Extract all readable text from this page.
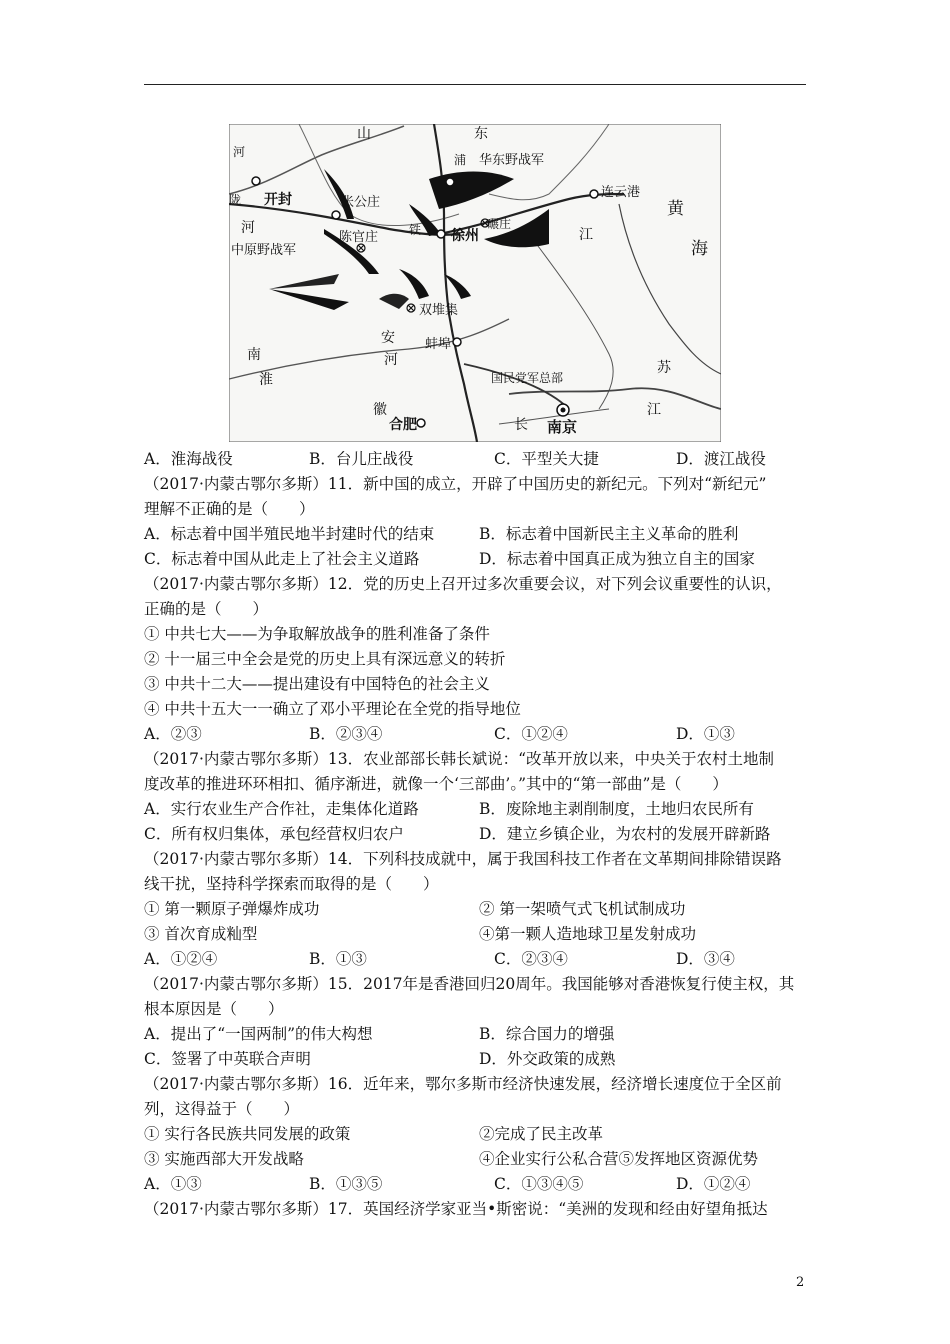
山	东
河
开封
陇
河
中原野战军
张公庄
陈官庄	铁
华东野战军
浦
徐州
连云港
黄
海
江
碾庄
双堆集
蚌埠
安
河
南
淮
苏
国民党军总部
徽
合肥	长 南京
江
A．淮海战役	B．台儿庄战役	C．平型关大捷	D．渡江战役
（2017·内蒙古鄂尔多斯）11．新中国的成立，开辟了中国历史的新纪元。下列对“新纪元”
理解不正确的是（　　）
A．标志着中国半殖民地半封建时代的结束	B．标志着中国新民主主义革命的胜利
C．标志着中国从此走上了社会主义道路	D．标志着中国真正成为独立自主的国家
（2017·内蒙古鄂尔多斯）12．党的历史上召开过多次重要会议，对下列会议重要性的认识，
正确的是（　　）
① 中共七大——为争取解放战争的胜利准备了条件
② 十一届三中全会是党的历史上具有深远意义的转折
③ 中共十二大——提出建设有中国特色的社会主义
④ 中共十五大一一确立了邓小平理论在全党的指导地位
A．②③	B．②③④	C．①②④	D．①③
（2017·内蒙古鄂尔多斯）13．农业部部长韩长斌说：“改革开放以来，中央关于农村土地制
度改革的推进环环相扣、循序渐进，就像一个‘三部曲’。”其中的“第一部曲”是（　　）
A．实行农业生产合作社，走集体化道路	B．废除地主剥削制度，土地归农民所有
C．所有权归集体，承包经营权归农户	D．建立乡镇企业，为农村的发展开辟新路
（2017·内蒙古鄂尔多斯）14．下列科技成就中，属于我国科技工作者在文革期间排除错误路
线干扰，坚持科学探索而取得的是（　　）
① 第一颗原子弹爆炸成功	② 第一架喷气式飞机试制成功
③ 首次育成籼型	④第一颗人造地球卫星发射成功
A．①②④	B．①③	C．②③④	D．③④
（2017·内蒙古鄂尔多斯）15．2017年是香港回归20周年。我国能够对香港恢复行使主权，其
根本原因是（　　）
A．提出了“一国两制”的伟大构想	B．综合国力的增强
C．签署了中英联合声明	D．外交政策的成熟
（2017·内蒙古鄂尔多斯）16．近年来，鄂尔多斯市经济快速发展，经济增长速度位于全区前
列，这得益于（　　）
① 实行各民族共同发展的政策	②完成了民主改革
③ 实施西部大开发战略	④企业实行公私合营⑤发挥地区资源优势
A．①③	B．①③⑤	C．①③④⑤	D．①②④
（2017·内蒙古鄂尔多斯）17．英国经济学家亚当•斯密说：“美洲的发现和经由好望角抵达
2
